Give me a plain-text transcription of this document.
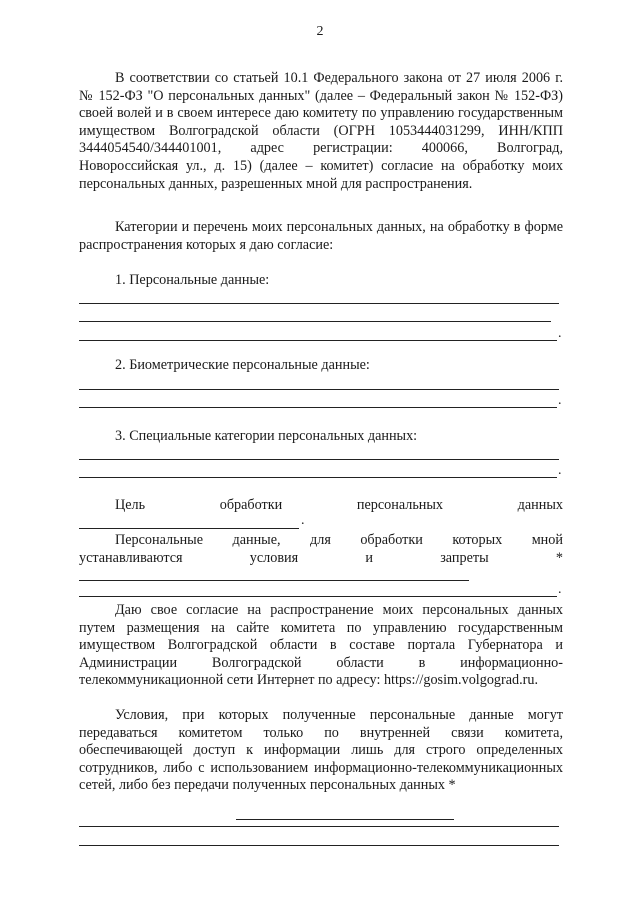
2

В соответствии со статьей 10.1 Федерального закона от 27 июля 2006 г. № 152-ФЗ "О персональных данных" (далее – Федеральный закон № 152-ФЗ) своей волей и в своем интересе даю комитету по управлению государственным имуществом Волгоградской области (ОГРН 1053444031299, ИНН/КПП 3444054540/344401001, адрес регистрации: 400066, Волгоград, Новороссийская ул., д. 15) (далее – комитет) согласие на обработку моих персональных данных, разрешенных мной для распространения.

Категории и перечень моих персональных данных, на обработку в форме распространения которых я даю согласие:

1. Персональные данные:

.

2. Биометрические персональные данные:

.

3. Специальные категории персональных данных:

.
Цель	обработки	персональных	данных
.
Персональные данные, для обработки которых мной
устанавливаются	условия	и	запреты	*
.

Даю свое согласие на распространение моих персональных данных путем размещения на сайте комитета по управлению государственным имуществом Волгоградской области в составе портала Губернатора и Администрации Волгоградской области в информационно-телекоммуникационной сети Интернет по адресу: https://gosim.volgograd.ru.

Условия, при которых полученные персональные данные могут передаваться комитетом только по внутренней связи комитета, обеспечивающей доступ к информации лишь для строго определенных сотрудников, либо с использованием информационно-телекоммуникационных сетей, либо без передачи полученных персональных данных *
